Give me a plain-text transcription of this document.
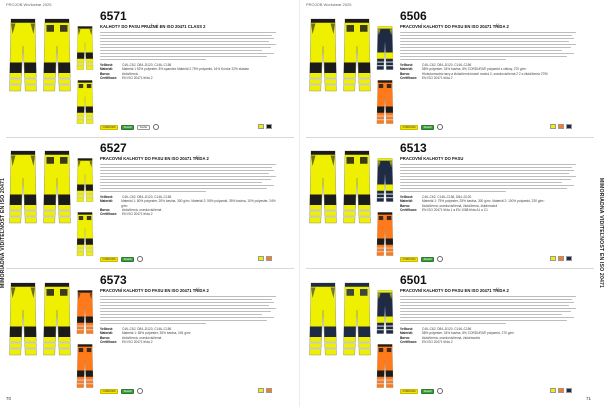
PROJOB Workwear 2025	PROJOB Workwear 2025
MIMORIADNÁ VIDITEĽNOSŤ EN ISO 20471	MIMORIADNÁ VIDITEĽNOSŤ EN ISO 20471
70	71
6571
KALHOTY DO PASU PRUŽNÉ EN ISO 20471 CLASS 2
Velikost:	C46–C62, D84–D120, C146–C156
Materiál:	Materiál 1 92% polyester, 8% spandex Materiál 2 75% polyamid, 16% Kordur 22% elastan
Barva:	žlutá/černá
Certifikace:	EN ISO 20471 třída 2
CORDURA	Stretch	Kevlar
6506
PRACOVNÍ KALHOTY DO PASU EN ISO 20471 TŘÍDA 2
Velikost:	C46–C62, D84–D120, C146–C156
Materiál:	58% polyester, 34% bavlna, 8% CORDURA® polyamid s vlákny, 270 g/m²
Barva:	Hlubokomodrá navy a žlutá/černá tmavě modrá 2, oranžová/černá 2 2 a žlutá/černá 2790
Certifikace:	EN ISO 20471 třída 2
CORDURA	Stretch
6527
PRACOVNÍ KALHOTY DO PASU EN ISO 20471 TŘÍDA 2
Velikost:	C46–C62, D84–D120, C146–C156
Materiál:	Materiál 1: 80% polyester, 20% bavlna, 300 g/m². Materiál 2: 55% polyamid, 35% bavlna, 10% polyester, 24% g/m²
Barva:	žlutá/černá, oranžová/černá
Certifikace:	EN ISO 20471 třída 2
CORDURA	Stretch
6513
PRACOVNÍ KALHOTY DO PASU
Velikost:	C46–C62, C146–C156, D84–D120
Materiál:	Materiál 1: 75% polyester, 25% bavlna, 300 g/m². Materiál 2: 100% polyamid, 230 g/m²
Barva:	žlutá/černá, oranžová/černá, žlutá/černá, žlutá/modrá
Certifikace:	EN ISO 20471 třída 1 a EN 1088 třída A1 a C1
CORDURA	Stretch
6573
PRACOVNÍ KALHOTY DO PASU EN ISO 20471 TŘÍDA 2
Velikost:	C46–C62, D84–D120, C146–C156
Materiál:	Materiál 1: 65% polyester, 35% bavlna, 245 g/m²
Barva:	žlutá/černá, oranžová/černá
Certifikace:	EN ISO 20471 třída 2
CORDURA	Stretch
6501
PRACOVNÍ KALHOTY DO PASU EN ISO 20471 TŘÍDA 2
Velikost:	C46–C62, D84–D120, C146–C156
Materiál:	58% polyester, 34% bavlna, 8% CORDURA® polyamid, 270 g/m²
Barva:	žlutá/černá, oranžová/černá, žlutá/modrá
Certifikace:	EN ISO 20471 třída 2
CORDURA	Stretch
